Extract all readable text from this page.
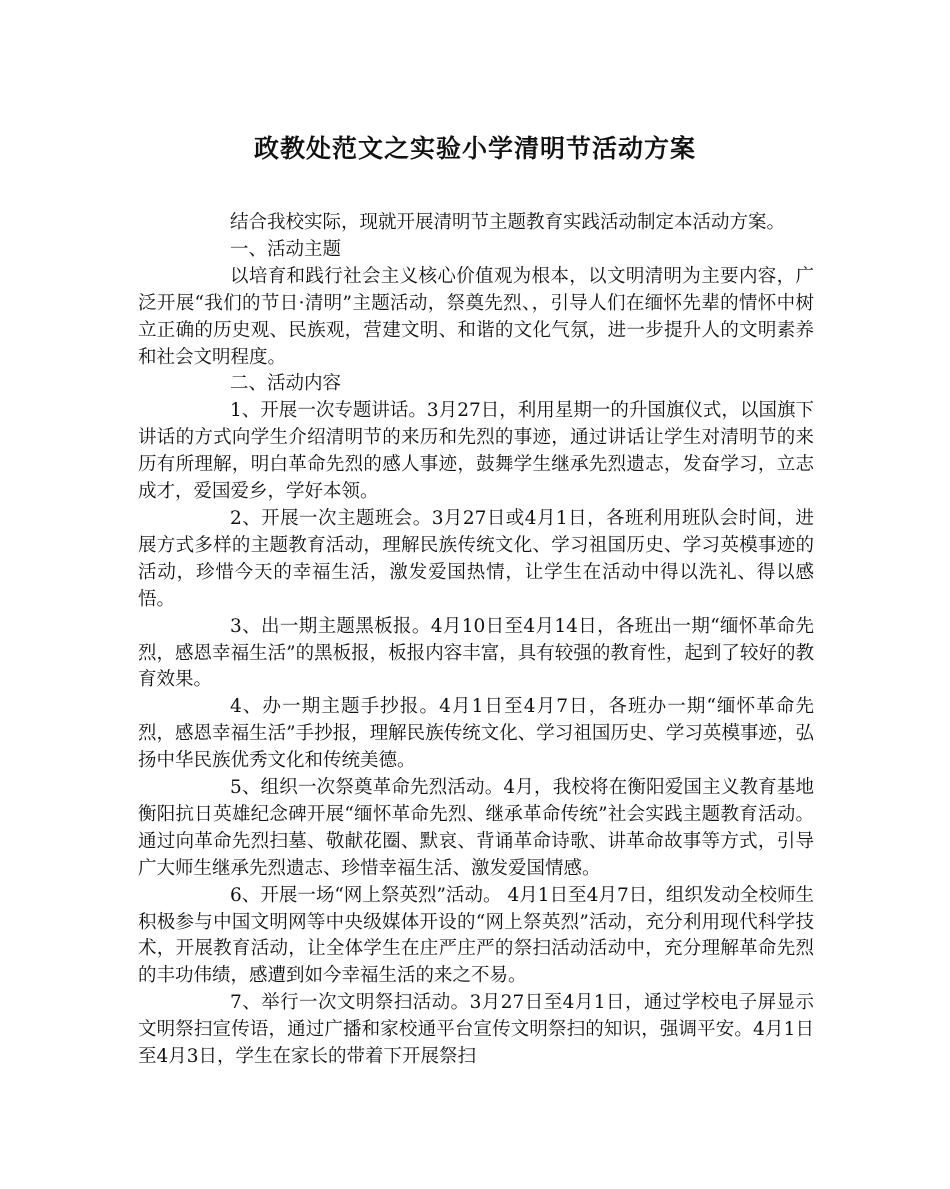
政教处范文之实验小学清明节活动方案

结合我校实际，现就开展清明节主题教育实践活动制定本活动方案。

一、活动主题

以培育和践行社会主义核心价值观为根本，以文明清明为主要内容，广泛开展“我们的节日·清明”主题活动，祭奠先烈、，引导人们在缅怀先辈的情怀中树立正确的历史观、民族观，营建文明、和谐的文化气氛，进一步提升人的文明素养和社会文明程度。

二、活动内容

1、开展一次专题讲话。3月27日，利用星期一的升国旗仪式，以国旗下讲话的方式向学生介绍清明节的来历和先烈的事迹，通过讲话让学生对清明节的来历有所理解，明白革命先烈的感人事迹，鼓舞学生继承先烈遗志，发奋学习，立志成才，爱国爱乡，学好本领。

2、开展一次主题班会。3月27日或4月1日，各班利用班队会时间，进展方式多样的主题教育活动，理解民族传统文化、学习祖国历史、学习英模事迹的活动，珍惜今天的幸福生活，激发爱国热情，让学生在活动中得以洗礼、得以感悟。

3、出一期主题黑板报。4月10日至4月14日，各班出一期“缅怀革命先烈，感恩幸福生活”的黑板报，板报内容丰富，具有较强的教育性，起到了较好的教育效果。

4、办一期主题手抄报。4月1日至4月7日，各班办一期“缅怀革命先烈，感恩幸福生活”手抄报，理解民族传统文化、学习祖国历史、学习英模事迹，弘扬中华民族优秀文化和传统美德。

5、组织一次祭奠革命先烈活动。4月，我校将在衡阳爱国主义教育基地衡阳抗日英雄纪念碑开展“缅怀革命先烈、继承革命传统”社会实践主题教育活动。通过向革命先烈扫墓、敬献花圈、默哀、背诵革命诗歌、讲革命故事等方式，引导广大师生继承先烈遗志、珍惜幸福生活、激发爱国情感。

6、开展一场“网上祭英烈”活动。 4月1日至4月7日，组织发动全校师生积极参与中国文明网等中央级媒体开设的“网上祭英烈”活动，充分利用现代科学技术，开展教育活动，让全体学生在庄严庄严的祭扫活动活动中，充分理解革命先烈的丰功伟绩，感遭到如今幸福生活的来之不易。

7、举行一次文明祭扫活动。3月27日至4月1日，通过学校电子屏显示文明祭扫宣传语，通过广播和家校通平台宣传文明祭扫的知识，强调平安。4月1日至4月3日，学生在家长的带着下开展祭扫
